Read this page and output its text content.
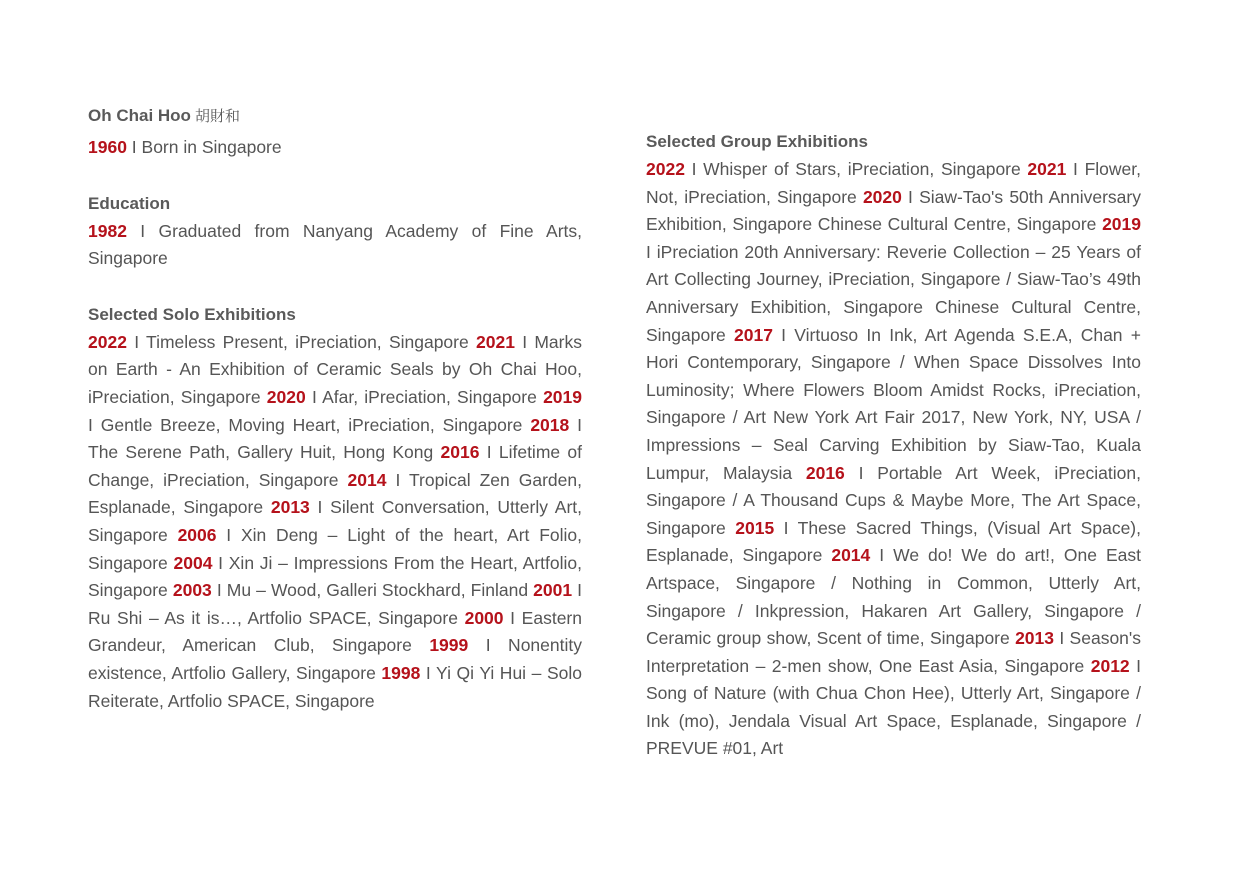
Oh Chai Hoo 胡財和

1960 I Born in Singapore

Education

1982 I Graduated from Nanyang Academy of Fine Arts, Singapore

Selected Solo Exhibitions

2022 I Timeless Present, iPreciation, Singapore 2021 I Marks on Earth - An Exhibition of Ceramic Seals by Oh Chai Hoo, iPreciation, Singapore 2020 I Afar, iPreciation, Singapore 2019 I Gentle Breeze, Moving Heart, iPreciation, Singapore 2018 I The Serene Path, Gallery Huit, Hong Kong 2016 I Lifetime of Change, iPreciation, Singapore 2014 I Tropical Zen Garden, Esplanade, Singapore 2013 I Silent Conversation, Utterly Art, Singapore 2006 I Xin Deng – Light of the heart, Art Folio, Singapore 2004 I Xin Ji – Impressions From the Heart, Artfolio, Singapore 2003 I Mu – Wood, Galleri Stockhard, Finland 2001 I Ru Shi – As it is…, Artfolio SPACE, Singapore 2000 I Eastern Grandeur, American Club, Singapore 1999 I Nonentity existence, Artfolio Gallery, Singapore 1998 I Yi Qi Yi Hui – Solo Reiterate, Artfolio SPACE, Singapore

Selected Group Exhibitions

2022 I Whisper of Stars, iPreciation, Singapore 2021 I Flower, Not, iPreciation, Singapore 2020 I Siaw-Tao's 50th Anniversary Exhibition, Singapore Chinese Cultural Centre, Singapore 2019 I iPreciation 20th Anniversary: Reverie Collection – 25 Years of Art Collecting Journey, iPreciation, Singapore / Siaw-Tao’s 49th Anniversary Exhibition, Singapore Chinese Cultural Centre, Singapore 2017 I Virtuoso In Ink, Art Agenda S.E.A, Chan + Hori Contemporary, Singapore / When Space Dissolves Into Luminosity; Where Flowers Bloom Amidst Rocks, iPreciation, Singapore / Art New York Art Fair 2017, New York, NY, USA / Impressions – Seal Carving Exhibition by Siaw-Tao, Kuala Lumpur, Malaysia 2016 I Portable Art Week, iPreciation, Singapore / A Thousand Cups & Maybe More, The Art Space, Singapore 2015 I These Sacred Things, (Visual Art Space), Esplanade, Singapore 2014 I We do! We do art!, One East Artspace, Singapore / Nothing in Common, Utterly Art, Singapore / Inkpression, Hakaren Art Gallery, Singapore / Ceramic group show, Scent of time, Singapore 2013 I Season's Interpretation – 2-men show, One East Asia, Singapore 2012 I Song of Nature (with Chua Chon Hee), Utterly Art, Singapore / Ink (mo), Jendala Visual Art Space, Esplanade, Singapore / PREVUE #01, Art
